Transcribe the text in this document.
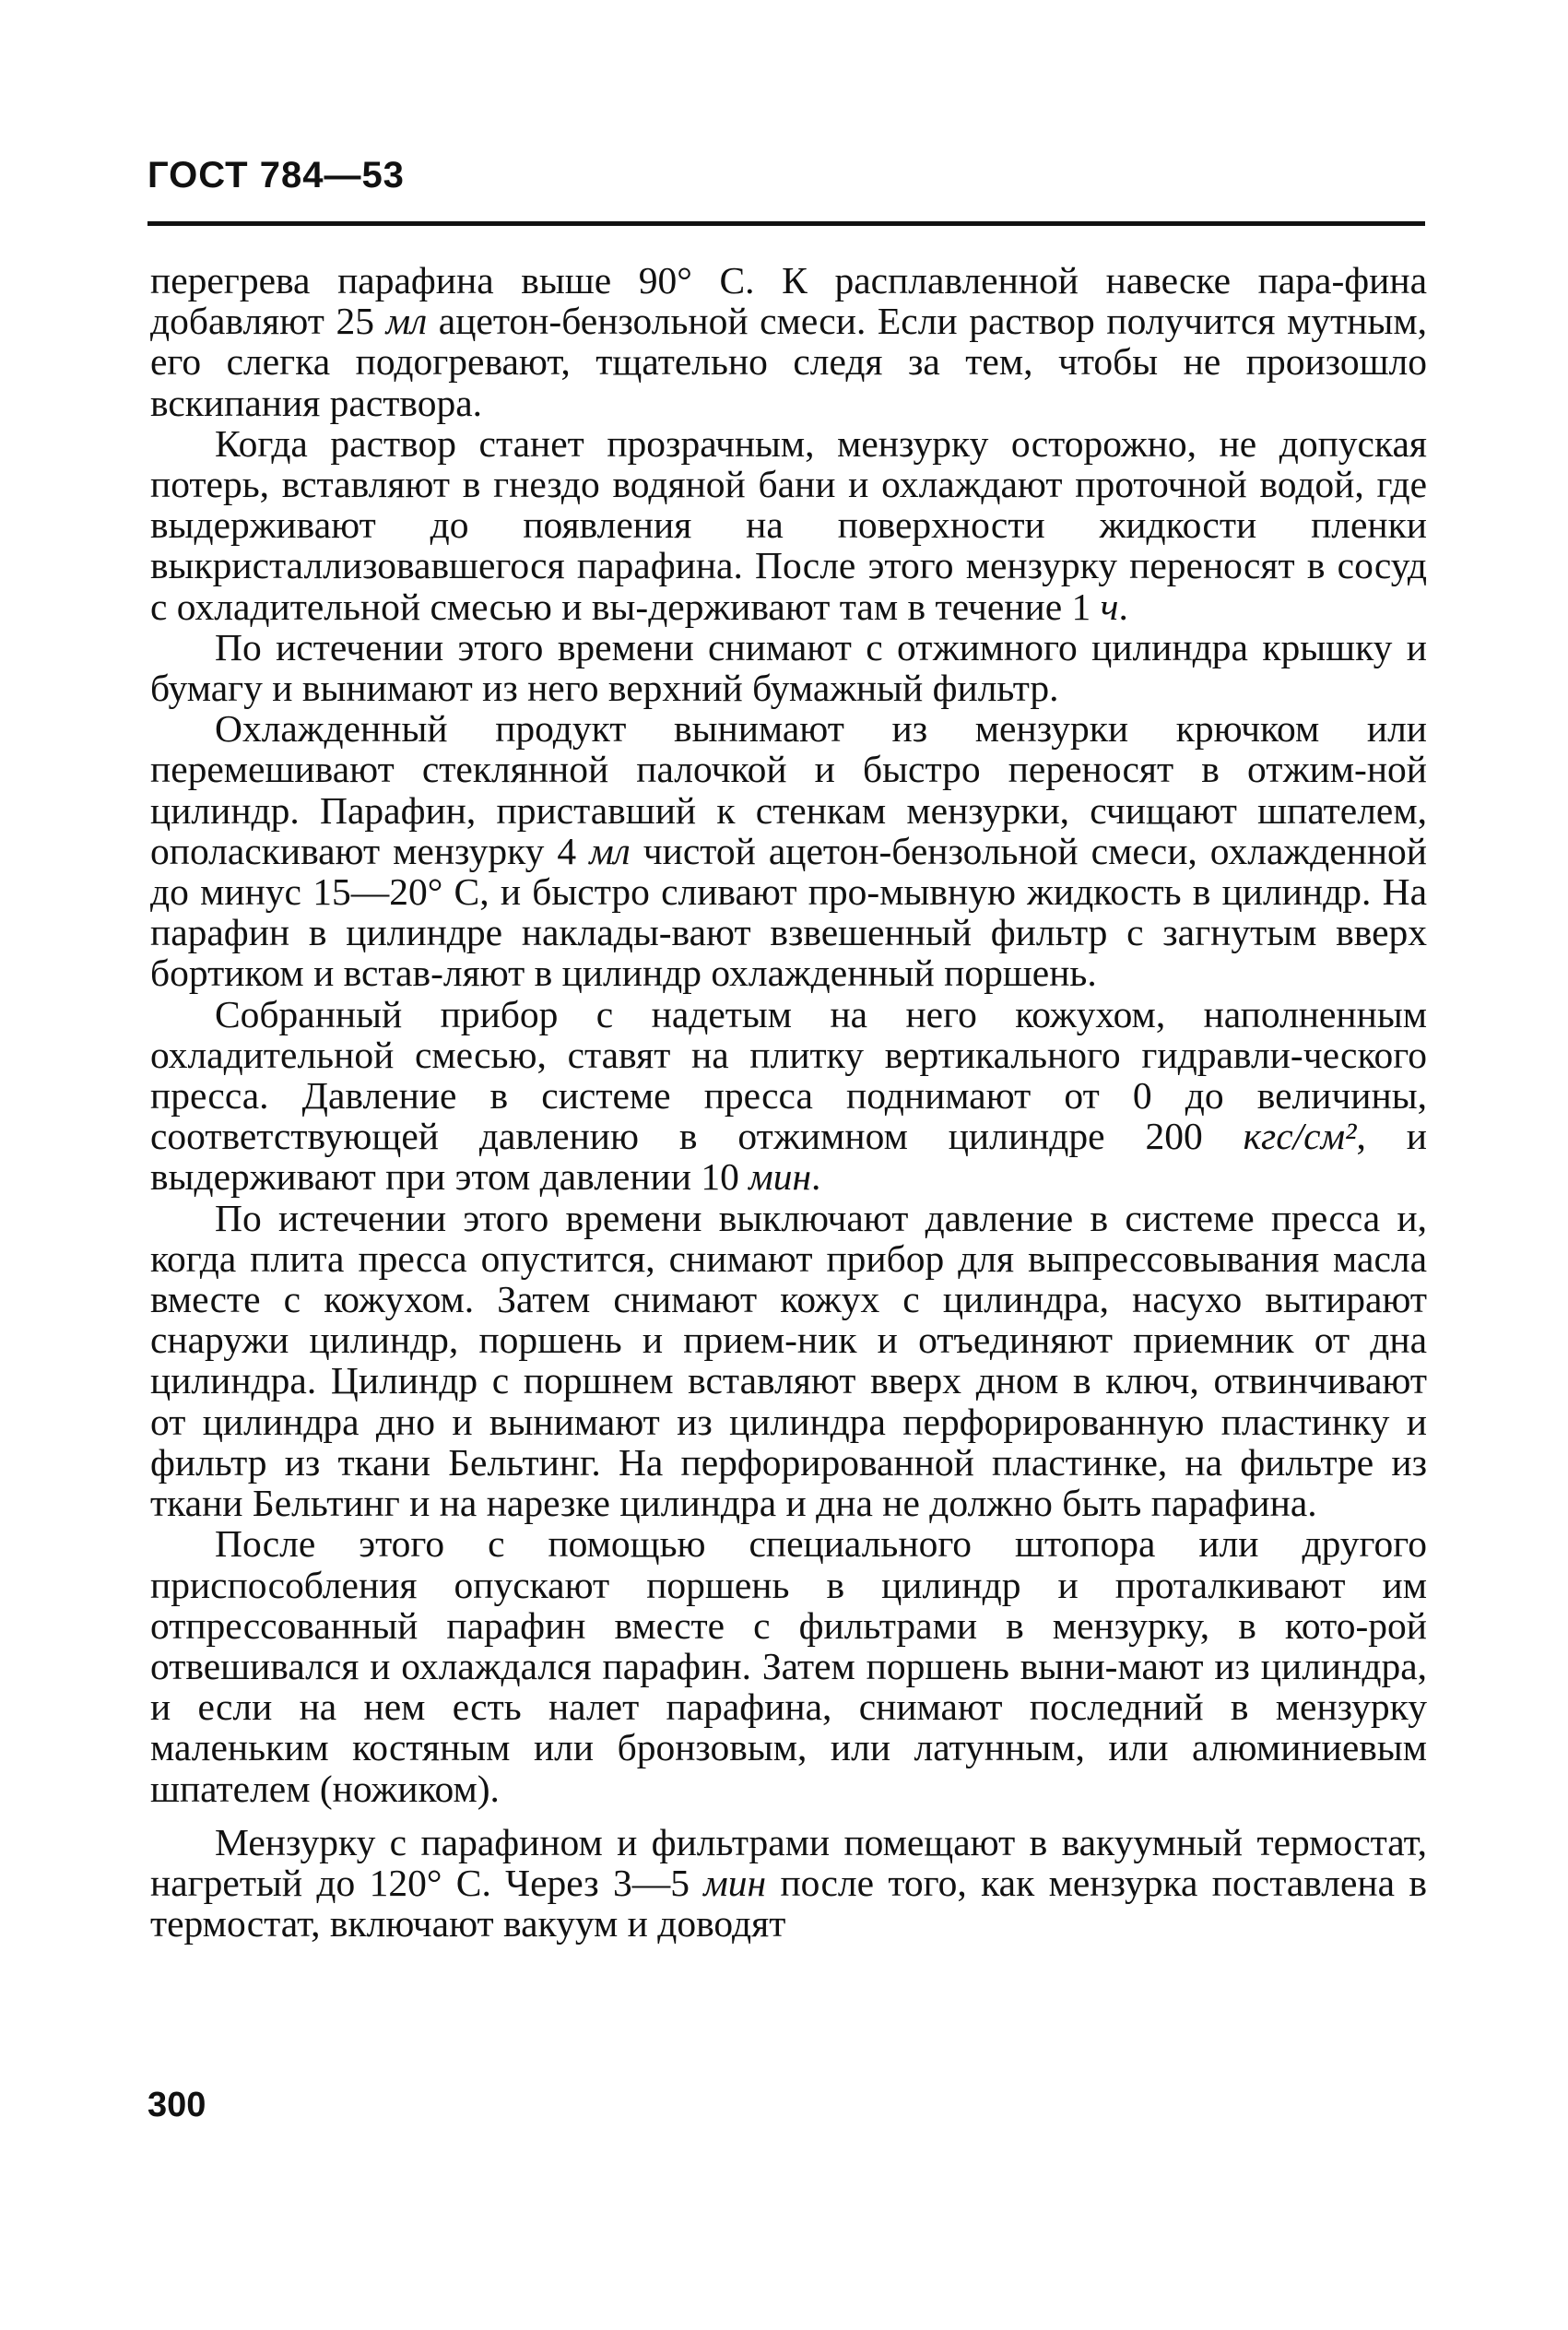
ГОСТ 784—53

перегрева парафина выше 90° С. К расплавленной навеске пара-фина добавляют 25 мл ацетон-бензольной смеси. Если раствор получится мутным, его слегка подогревают, тщательно следя за тем, чтобы не произошло вскипания раствора.

Когда раствор станет прозрачным, мензурку осторожно, не допуская потерь, вставляют в гнездо водяной бани и охлаждают проточной водой, где выдерживают до появления на поверхности жидкости пленки выкристаллизовавшегося парафина. После этого мензурку переносят в сосуд с охладительной смесью и вы-держивают там в течение 1 ч.

По истечении этого времени снимают с отжимного цилиндра крышку и бумагу и вынимают из него верхний бумажный фильтр.

Охлажденный продукт вынимают из мензурки крючком или перемешивают стеклянной палочкой и быстро переносят в отжим-ной цилиндр. Парафин, приставший к стенкам мензурки, счищают шпателем, ополаскивают мензурку 4 мл чистой ацетон-бензольной смеси, охлажденной до минус 15—20° С, и быстро сливают про-мывную жидкость в цилиндр. На парафин в цилиндре наклады-вают взвешенный фильтр с загнутым вверх бортиком и встав-ляют в цилиндр охлажденный поршень.

Собранный прибор с надетым на него кожухом, наполненным охладительной смесью, ставят на плитку вертикального гидравли-ческого пресса. Давление в системе пресса поднимают от 0 до величины, соответствующей давлению в отжимном цилиндре 200 кгс/см², и выдерживают при этом давлении 10 мин.

По истечении этого времени выключают давление в системе пресса и, когда плита пресса опустится, снимают прибор для выпрессовывания масла вместе с кожухом. Затем снимают кожух с цилиндра, насухо вытирают снаружи цилиндр, поршень и прием-ник и отъединяют приемник от дна цилиндра. Цилиндр с поршнем вставляют вверх дном в ключ, отвинчивают от цилиндра дно и вынимают из цилиндра перфорированную пластинку и фильтр из ткани Бельтинг. На перфорированной пластинке, на фильтре из ткани Бельтинг и на нарезке цилиндра и дна не должно быть парафина.

После этого с помощью специального штопора или другого приспособления опускают поршень в цилиндр и проталкивают им отпрессованный парафин вместе с фильтрами в мензурку, в кото-рой отвешивался и охлаждался парафин. Затем поршень выни-мают из цилиндра, и если на нем есть налет парафина, снимают последний в мензурку маленьким костяным или бронзовым, или латунным, или алюминиевым шпателем (ножиком).

Мензурку с парафином и фильтрами помещают в вакуумный термостат, нагретый до 120° С. Через 3—5 мин после того, как мензурка поставлена в термостат, включают вакуум и доводят

300
